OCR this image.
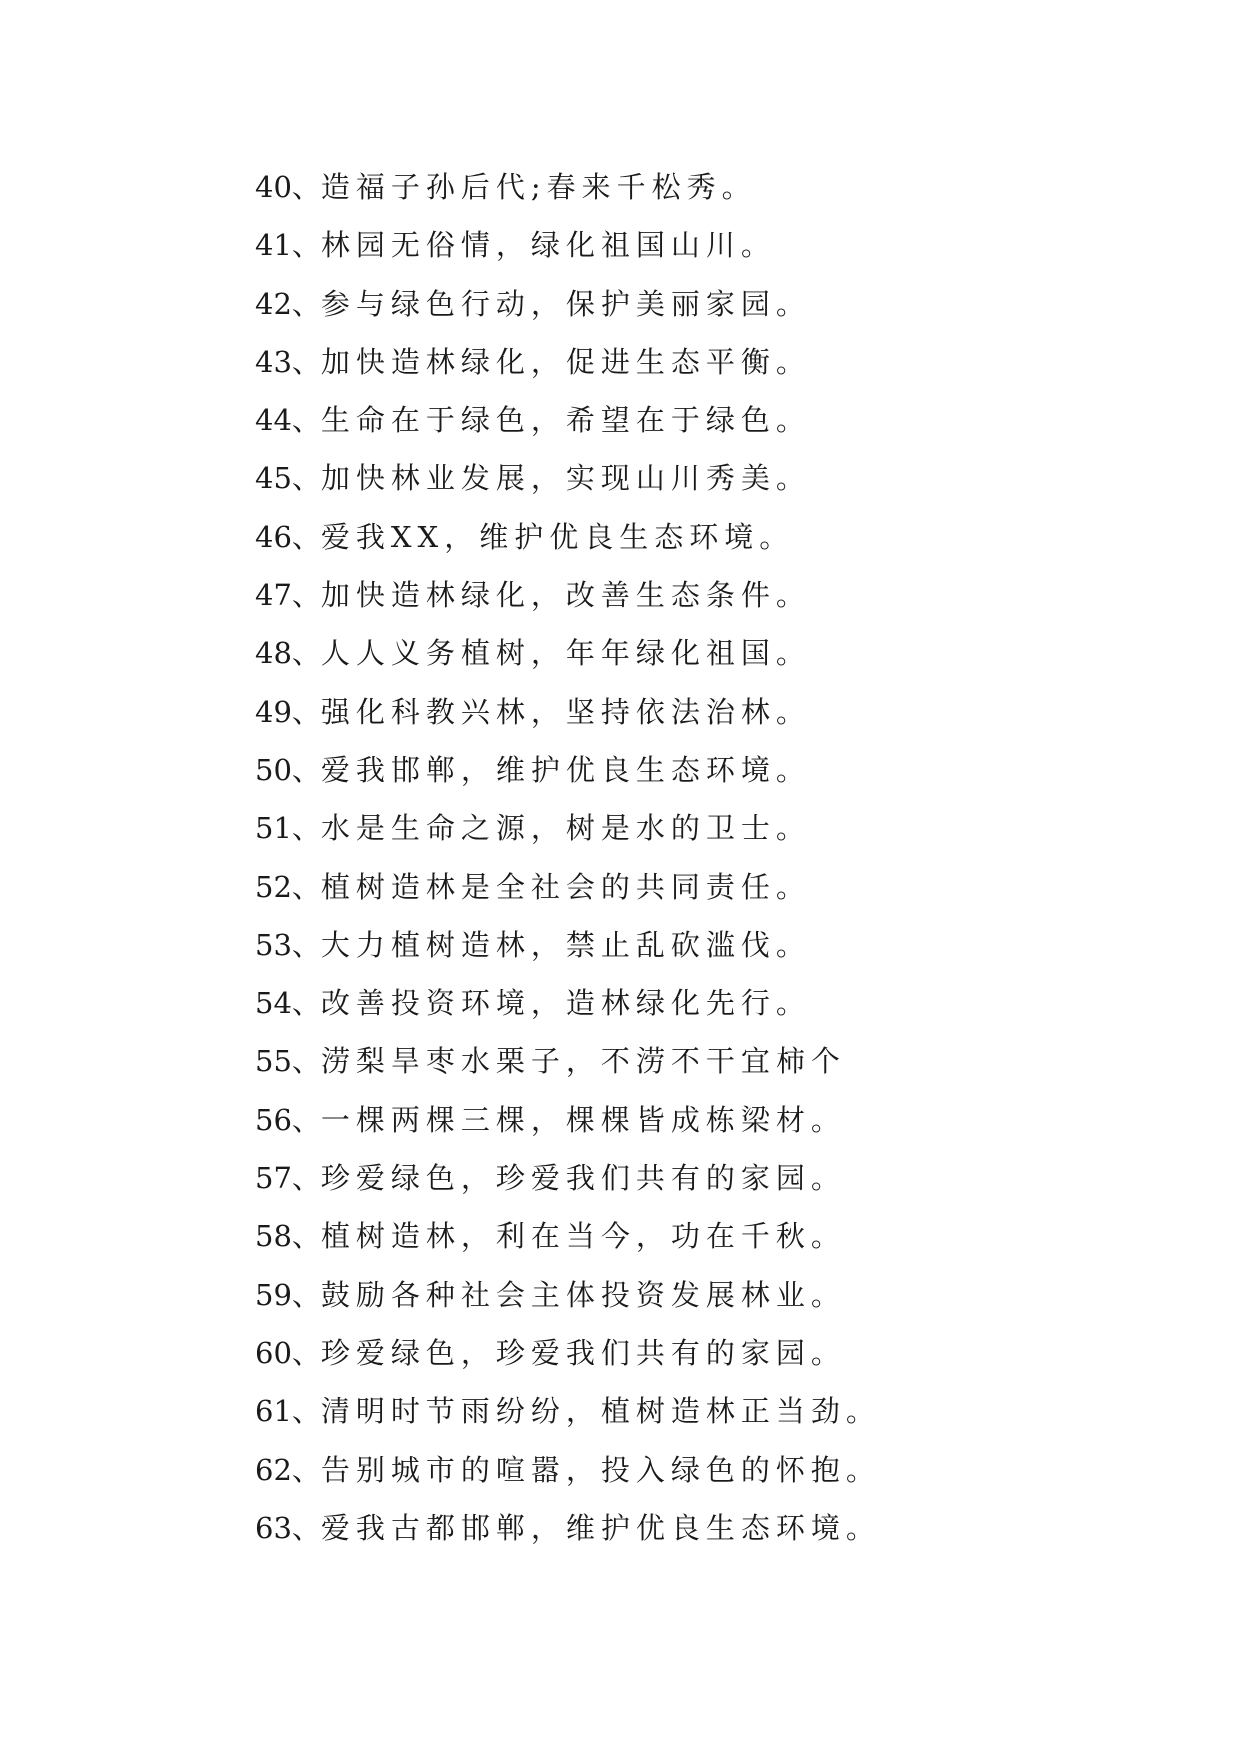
40、造福子孙后代;春来千松秀。
41、林园无俗情，绿化祖国山川。
42、参与绿色行动，保护美丽家园。
43、加快造林绿化，促进生态平衡。
44、生命在于绿色，希望在于绿色。
45、加快林业发展，实现山川秀美。
46、爱我XX，维护优良生态环境。
47、加快造林绿化，改善生态条件。
48、人人义务植树，年年绿化祖国。
49、强化科教兴林，坚持依法治林。
50、爱我邯郸，维护优良生态环境。
51、水是生命之源，树是水的卫士。
52、植树造林是全社会的共同责任。
53、大力植树造林，禁止乱砍滥伐。
54、改善投资环境，造林绿化先行。
55、涝梨旱枣水栗子，不涝不干宜柿个
56、一棵两棵三棵，棵棵皆成栋梁材。
57、珍爱绿色，珍爱我们共有的家园。
58、植树造林，利在当今，功在千秋。
59、鼓励各种社会主体投资发展林业。
60、珍爱绿色，珍爱我们共有的家园。
61、清明时节雨纷纷，植树造林正当劲。
62、告别城市的喧嚣，投入绿色的怀抱。
63、爱我古都邯郸，维护优良生态环境。
